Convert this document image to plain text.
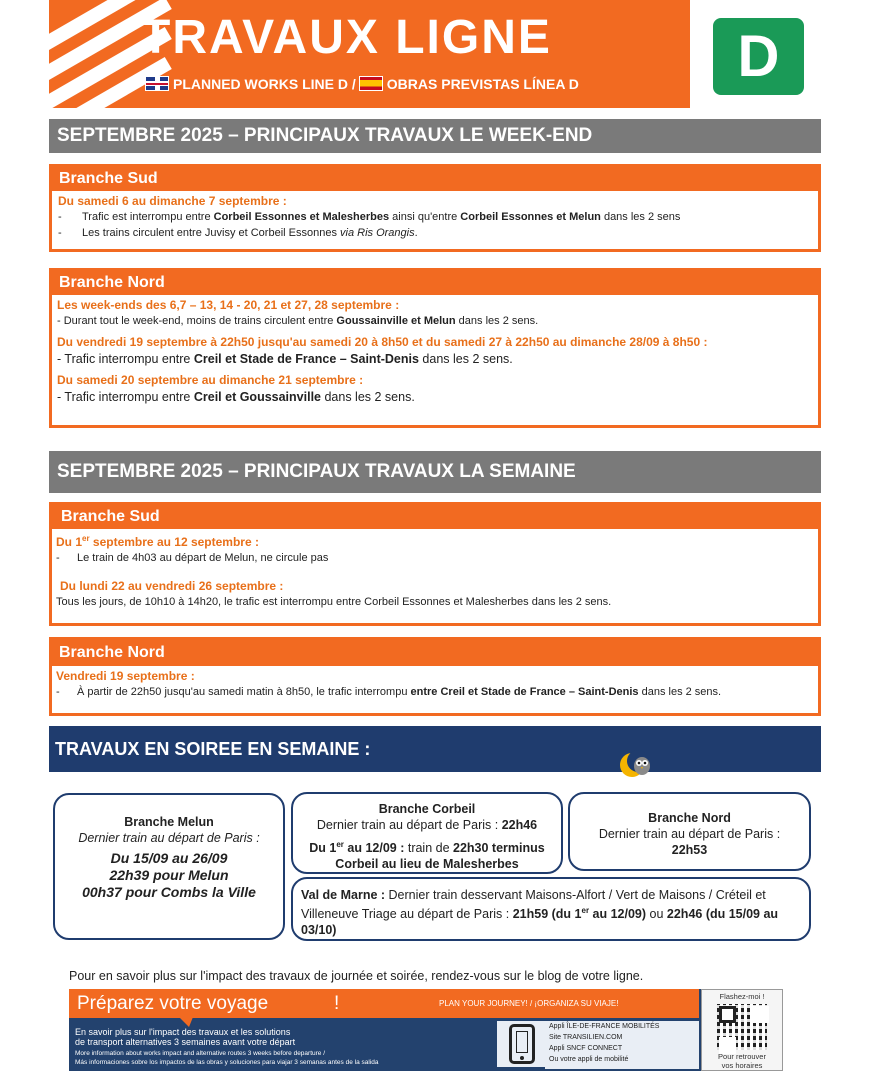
TRAVAUX LIGNE
PLANNED WORKS LINE D / OBRAS PREVISTAS LÍNEA D	D
SEPTEMBRE 2025 – PRINCIPAUX TRAVAUX LE WEEK-END
Branche Sud
Du samedi 6 au dimanche 7 septembre :
- Trafic est interrompu entre Corbeil Essonnes et Malesherbes ainsi qu'entre Corbeil Essonnes et Melun dans les 2 sens
- Les trains circulent entre Juvisy et Corbeil Essonnes via Ris Orangis.
Branche Nord
Les week-ends des 6,7 – 13, 14 - 20, 21 et 27, 28 septembre :
- Durant tout le week-end, moins de trains circulent entre Goussainville et Melun dans les 2 sens.
Du vendredi 19 septembre à 22h50 jusqu'au samedi 20 à 8h50 et du samedi 27 à 22h50 au dimanche 28/09 à 8h50 :
- Trafic interrompu entre Creil et Stade de France – Saint-Denis dans les 2 sens.
Du samedi 20 septembre au dimanche 21 septembre :
- Trafic interrompu entre Creil et Goussainville dans les 2 sens.
SEPTEMBRE 2025 – PRINCIPAUX TRAVAUX LA SEMAINE
Branche Sud
Du 1er septembre au 12 septembre :
- Le train de 4h03 au départ de Melun, ne circule pas
Du lundi 22 au vendredi 26 septembre :
Tous les jours, de 10h10 à 14h20, le trafic est interrompu entre Corbeil Essonnes et Malesherbes dans les 2 sens.
Branche Nord
Vendredi 19 septembre :
- À partir de 22h50 jusqu'au samedi matin à 8h50, le trafic interrompu entre Creil et Stade de France – Saint-Denis dans les 2 sens.
TRAVAUX EN SOIREE EN SEMAINE :
Branche Melun
Dernier train au départ de Paris :
Du 15/09 au 26/09
22h39 pour Melun
00h37 pour Combs la Ville
Branche Corbeil
Dernier train au départ de Paris : 22h46
Du 1er au 12/09 : train de 22h30 terminus
Corbeil au lieu de Malesherbes
Branche Nord
Dernier train au départ de Paris :
22h53
Val de Marne : Dernier train desservant Maisons-Alfort / Vert de Maisons / Créteil et Villeneuve Triage au départ de Paris : 21h59 (du 1er au 12/09) ou 22h46 (du 15/09 au 03/10)
Pour en savoir plus sur l'impact des travaux de journée et soirée, rendez-vous sur le blog de votre ligne.
Préparez votre voyage	!	PLAN YOUR JOURNEY! / ¡ORGANIZA SU VIAJE!
En savoir plus sur l'impact des travaux et les solutions
de transport alternatives 3 semaines avant votre départ
More information about works impact and alternative routes 3 weeks before departure /
Más informaciones sobre los impactos de las obras y soluciones para viajar 3 semanas antes de la salida
Appli ÎLE-DE-FRANCE MOBILITÉS
Site TRANSILIEN.COM
Appli SNCF CONNECT
Ou votre appli de mobilité
Flashez-moi !
Pour retrouver
vos horaires
